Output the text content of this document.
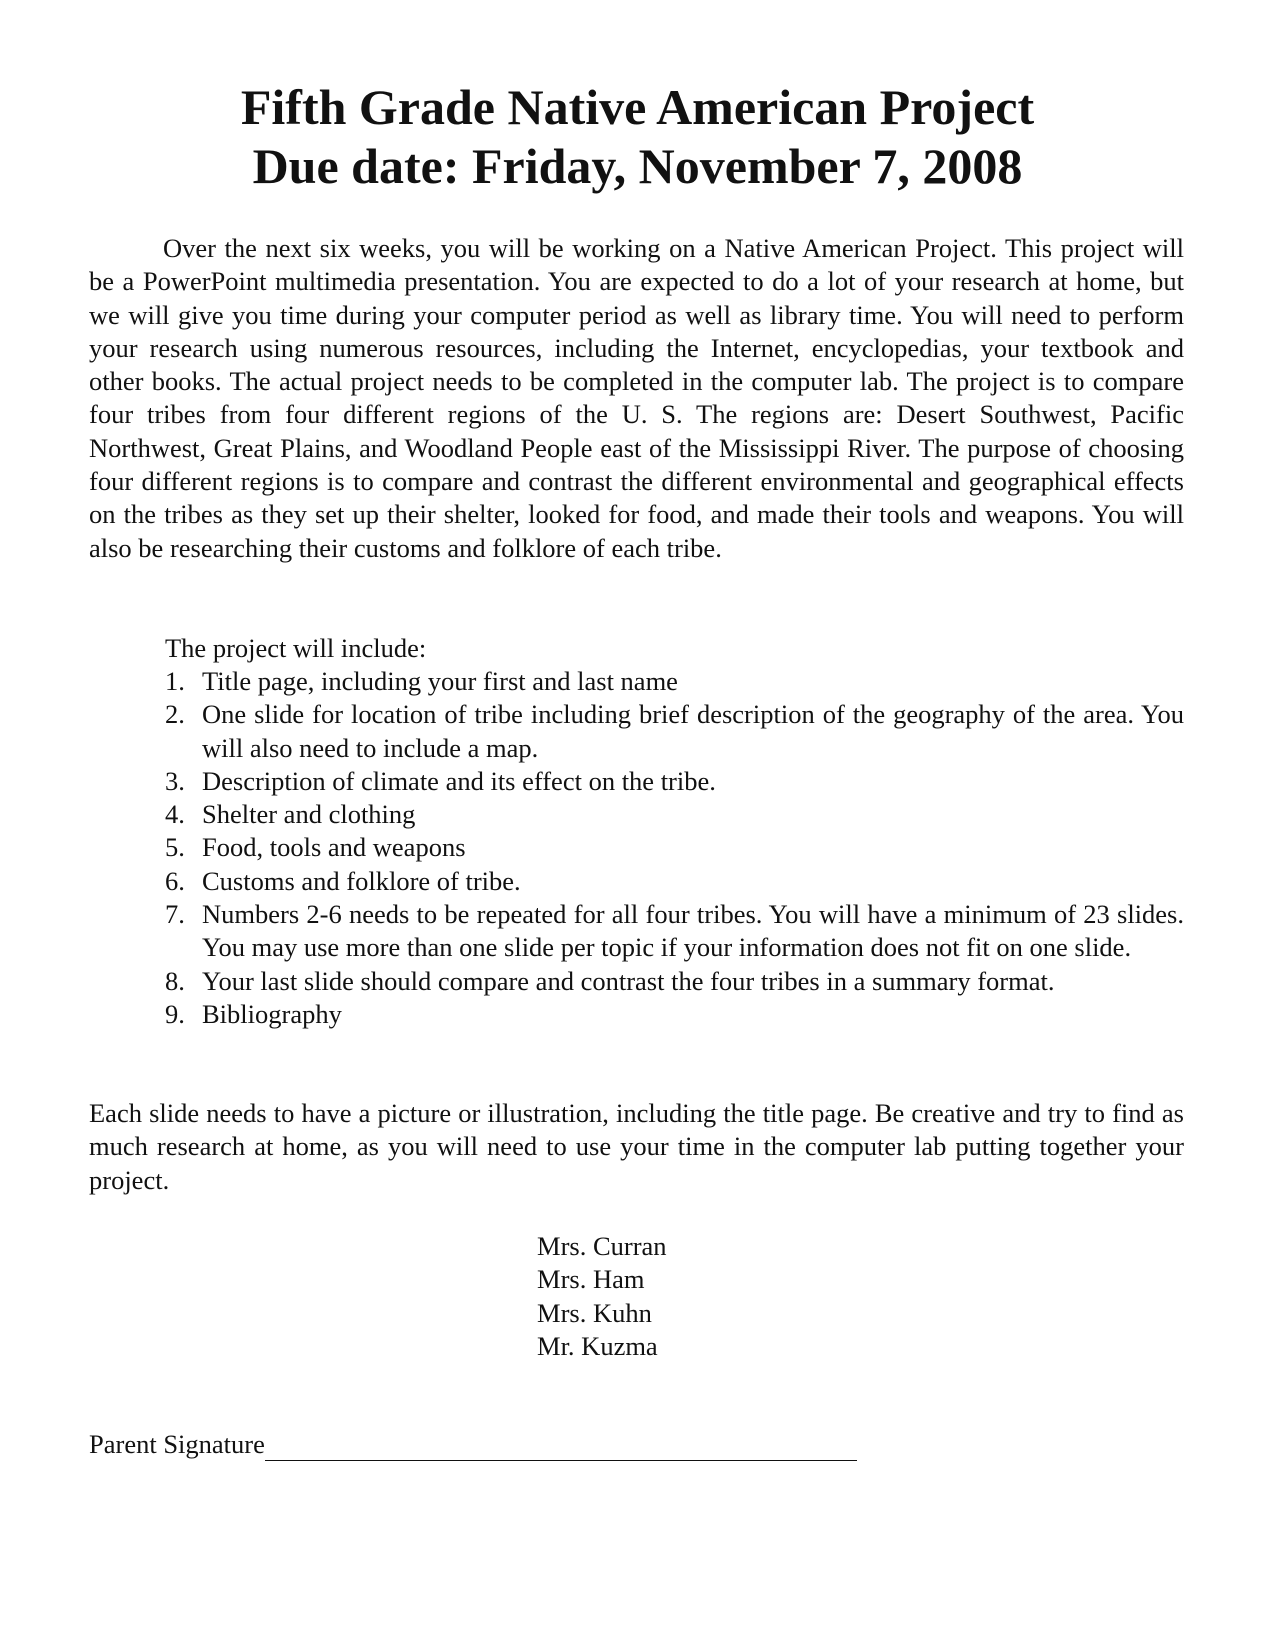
Fifth Grade Native American Project
Due date: Friday, November 7, 2008

Over the next six weeks, you will be working on a Native American Project. This project will be a PowerPoint multimedia presentation. You are expected to do a lot of your research at home, but we will give you time during your computer period as well as library time. You will need to perform your research using numerous resources, including the Internet, encyclopedias, your textbook and other books. The actual project needs to be completed in the computer lab. The project is to compare four tribes from four different regions of the U. S. The regions are: Desert Southwest, Pacific Northwest, Great Plains, and Woodland People east of the Mississippi River. The purpose of choosing four different regions is to compare and contrast the different environmental and geographical effects on the tribes as they set up their shelter, looked for food, and made their tools and weapons. You will also be researching their customs and folklore of each tribe.

The project will include:
1. Title page, including your first and last name
2. One slide for location of tribe including brief description of the geography of the area. You will also need to include a map.
3. Description of climate and its effect on the tribe.
4. Shelter and clothing
5. Food, tools and weapons
6. Customs and folklore of tribe.
7. Numbers 2-6 needs to be repeated for all four tribes. You will have a minimum of 23 slides. You may use more than one slide per topic if your information does not fit on one slide.
8. Your last slide should compare and contrast the four tribes in a summary format.
9. Bibliography

Each slide needs to have a picture or illustration, including the title page. Be creative and try to find as much research at home, as you will need to use your time in the computer lab putting together your project.

Mrs. Curran
Mrs. Ham
Mrs. Kuhn
Mr. Kuzma
Parent Signature
